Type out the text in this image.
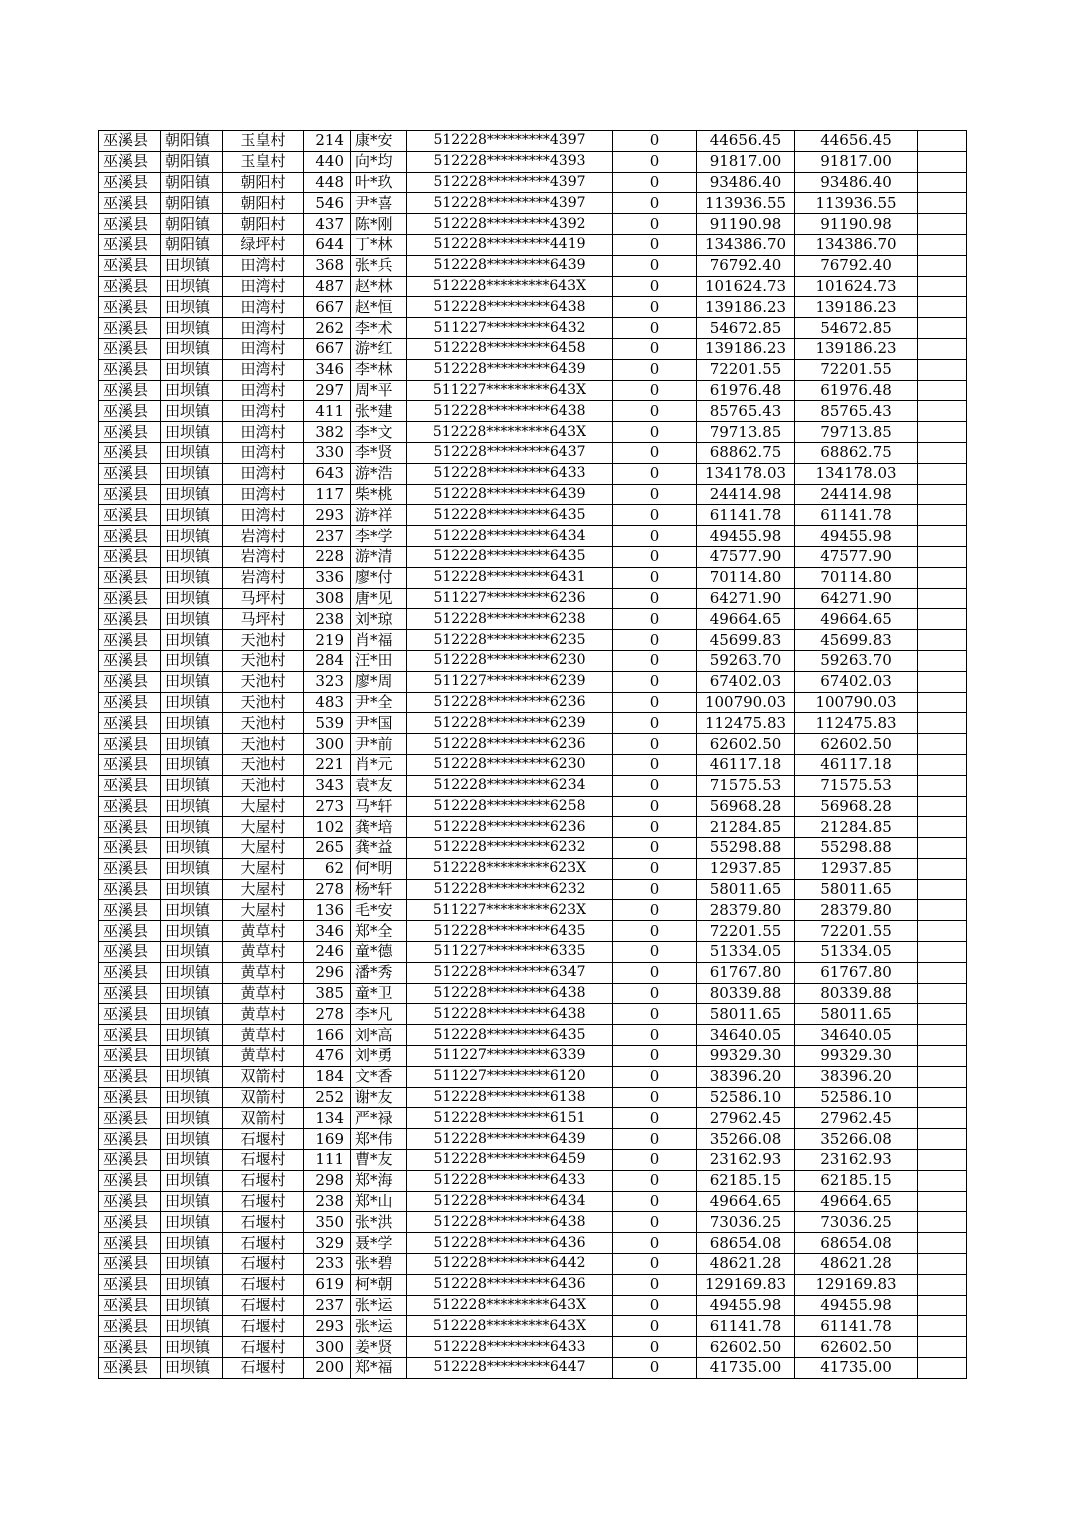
巫溪县	朝阳镇	玉皇村	214	康*安	512228*********4397	0	44656.45	44656.45	
巫溪县	朝阳镇	玉皇村	440	向*均	512228*********4393	0	91817.00	91817.00	
巫溪县	朝阳镇	朝阳村	448	叶*玖	512228*********4397	0	93486.40	93486.40	
巫溪县	朝阳镇	朝阳村	546	尹*喜	512228*********4397	0	113936.55	113936.55	
巫溪县	朝阳镇	朝阳村	437	陈*刚	512228*********4392	0	91190.98	91190.98	
巫溪县	朝阳镇	绿坪村	644	丁*林	512228*********4419	0	134386.70	134386.70	
巫溪县	田坝镇	田湾村	368	张*兵	512228*********6439	0	76792.40	76792.40	
巫溪县	田坝镇	田湾村	487	赵*林	512228*********643X	0	101624.73	101624.73	
巫溪县	田坝镇	田湾村	667	赵*恒	512228*********6438	0	139186.23	139186.23	
巫溪县	田坝镇	田湾村	262	李*术	511227*********6432	0	54672.85	54672.85	
巫溪县	田坝镇	田湾村	667	游*红	512228*********6458	0	139186.23	139186.23	
巫溪县	田坝镇	田湾村	346	李*林	512228*********6439	0	72201.55	72201.55	
巫溪县	田坝镇	田湾村	297	周*平	511227*********643X	0	61976.48	61976.48	
巫溪县	田坝镇	田湾村	411	张*建	512228*********6438	0	85765.43	85765.43	
巫溪县	田坝镇	田湾村	382	李*文	512228*********643X	0	79713.85	79713.85	
巫溪县	田坝镇	田湾村	330	李*贤	512228*********6437	0	68862.75	68862.75	
巫溪县	田坝镇	田湾村	643	游*浩	512228*********6433	0	134178.03	134178.03	
巫溪县	田坝镇	田湾村	117	柴*桃	512228*********6439	0	24414.98	24414.98	
巫溪县	田坝镇	田湾村	293	游*祥	512228*********6435	0	61141.78	61141.78	
巫溪县	田坝镇	岩湾村	237	李*学	512228*********6434	0	49455.98	49455.98	
巫溪县	田坝镇	岩湾村	228	游*清	512228*********6435	0	47577.90	47577.90	
巫溪县	田坝镇	岩湾村	336	廖*付	512228*********6431	0	70114.80	70114.80	
巫溪县	田坝镇	马坪村	308	唐*见	511227*********6236	0	64271.90	64271.90	
巫溪县	田坝镇	马坪村	238	刘*琼	512228*********6238	0	49664.65	49664.65	
巫溪县	田坝镇	天池村	219	肖*福	512228*********6235	0	45699.83	45699.83	
巫溪县	田坝镇	天池村	284	汪*田	512228*********6230	0	59263.70	59263.70	
巫溪县	田坝镇	天池村	323	廖*周	511227*********6239	0	67402.03	67402.03	
巫溪县	田坝镇	天池村	483	尹*全	512228*********6236	0	100790.03	100790.03	
巫溪县	田坝镇	天池村	539	尹*国	512228*********6239	0	112475.83	112475.83	
巫溪县	田坝镇	天池村	300	尹*前	512228*********6236	0	62602.50	62602.50	
巫溪县	田坝镇	天池村	221	肖*元	512228*********6230	0	46117.18	46117.18	
巫溪县	田坝镇	天池村	343	袁*友	512228*********6234	0	71575.53	71575.53	
巫溪县	田坝镇	大屋村	273	马*轩	512228*********6258	0	56968.28	56968.28	
巫溪县	田坝镇	大屋村	102	龚*培	512228*********6236	0	21284.85	21284.85	
巫溪县	田坝镇	大屋村	265	龚*益	512228*********6232	0	55298.88	55298.88	
巫溪县	田坝镇	大屋村	62	何*明	512228*********623X	0	12937.85	12937.85	
巫溪县	田坝镇	大屋村	278	杨*轩	512228*********6232	0	58011.65	58011.65	
巫溪县	田坝镇	大屋村	136	毛*安	511227*********623X	0	28379.80	28379.80	
巫溪县	田坝镇	黄草村	346	郑*全	512228*********6435	0	72201.55	72201.55	
巫溪县	田坝镇	黄草村	246	童*德	511227*********6335	0	51334.05	51334.05	
巫溪县	田坝镇	黄草村	296	潘*秀	512228*********6347	0	61767.80	61767.80	
巫溪县	田坝镇	黄草村	385	童*卫	512228*********6438	0	80339.88	80339.88	
巫溪县	田坝镇	黄草村	278	李*凡	512228*********6438	0	58011.65	58011.65	
巫溪县	田坝镇	黄草村	166	刘*高	512228*********6435	0	34640.05	34640.05	
巫溪县	田坝镇	黄草村	476	刘*勇	511227*********6339	0	99329.30	99329.30	
巫溪县	田坝镇	双箭村	184	文*香	511227*********6120	0	38396.20	38396.20	
巫溪县	田坝镇	双箭村	252	谢*友	512228*********6138	0	52586.10	52586.10	
巫溪县	田坝镇	双箭村	134	严*禄	512228*********6151	0	27962.45	27962.45	
巫溪县	田坝镇	石堰村	169	郑*伟	512228*********6439	0	35266.08	35266.08	
巫溪县	田坝镇	石堰村	111	曹*友	512228*********6459	0	23162.93	23162.93	
巫溪县	田坝镇	石堰村	298	郑*海	512228*********6433	0	62185.15	62185.15	
巫溪县	田坝镇	石堰村	238	郑*山	512228*********6434	0	49664.65	49664.65	
巫溪县	田坝镇	石堰村	350	张*洪	512228*********6438	0	73036.25	73036.25	
巫溪县	田坝镇	石堰村	329	聂*学	512228*********6436	0	68654.08	68654.08	
巫溪县	田坝镇	石堰村	233	张*碧	512228*********6442	0	48621.28	48621.28	
巫溪县	田坝镇	石堰村	619	柯*朝	512228*********6436	0	129169.83	129169.83	
巫溪县	田坝镇	石堰村	237	张*运	512228*********643X	0	49455.98	49455.98	
巫溪县	田坝镇	石堰村	293	张*运	512228*********643X	0	61141.78	61141.78	
巫溪县	田坝镇	石堰村	300	姜*贤	512228*********6433	0	62602.50	62602.50	
巫溪县	田坝镇	石堰村	200	郑*福	512228*********6447	0	41735.00	41735.00	
